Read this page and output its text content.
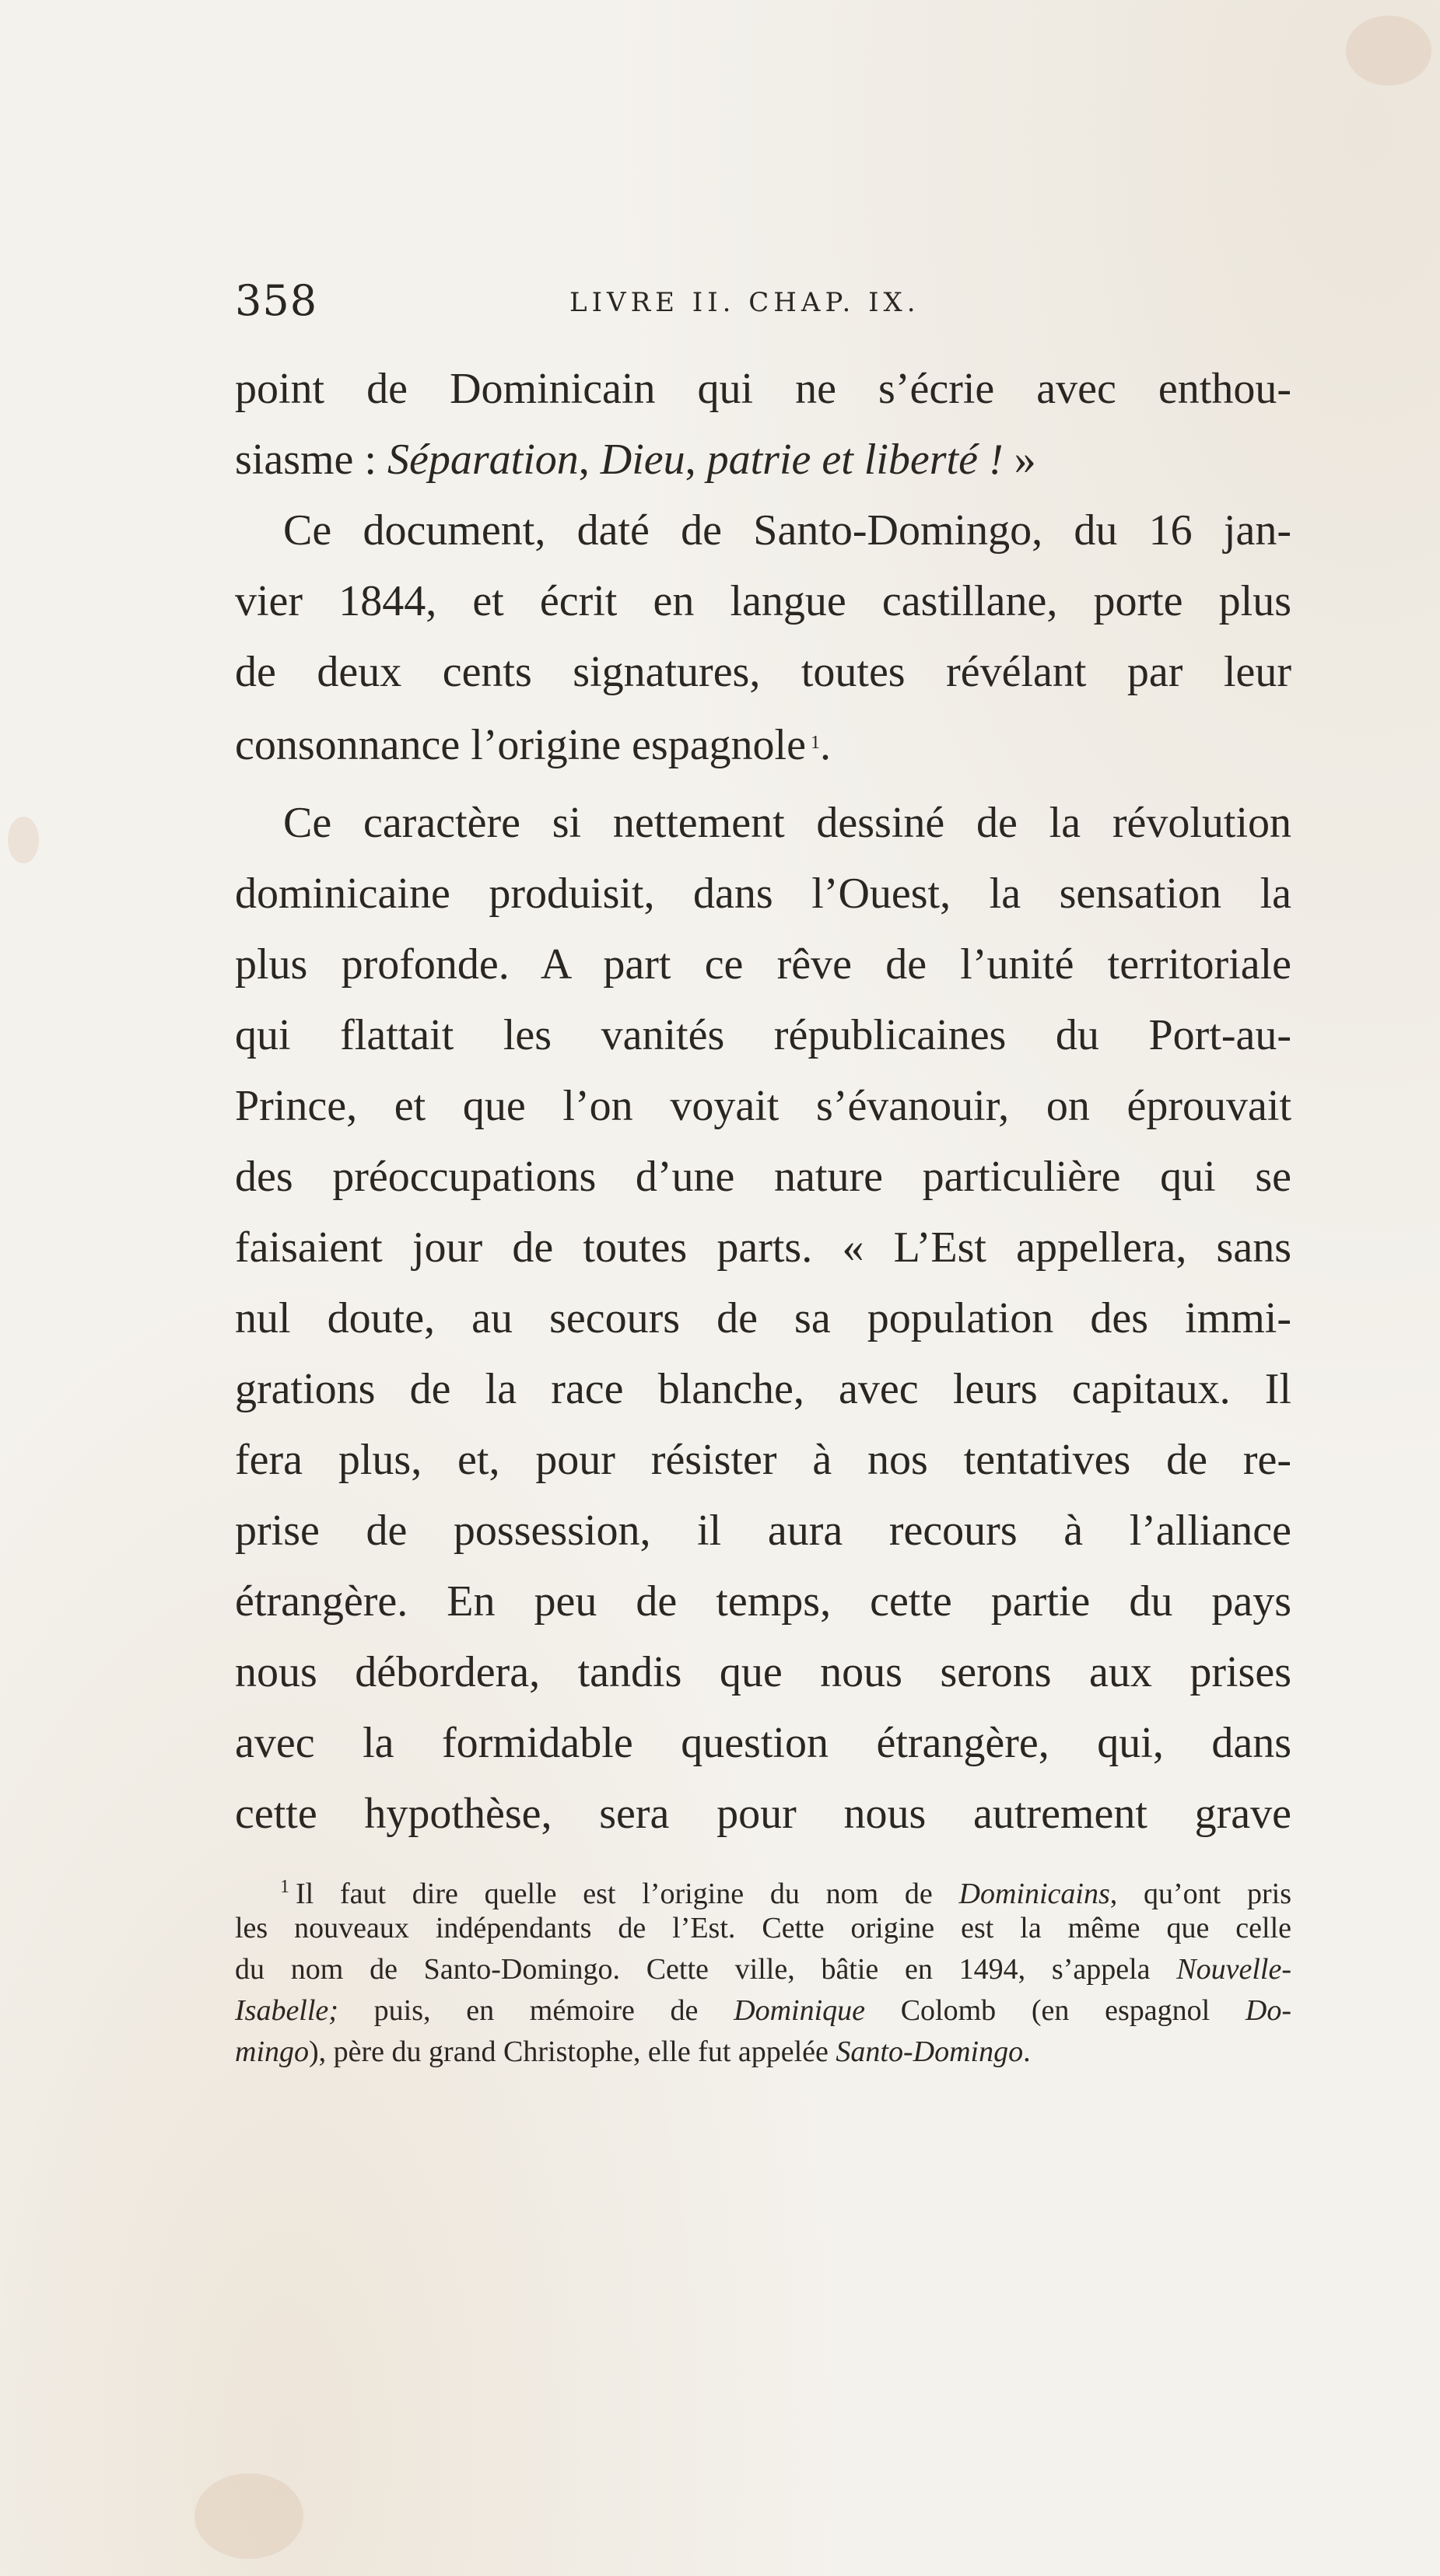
358	LIVRE II. CHAP. IX.
point de Dominicain qui ne s’écrie avec enthou-
siasme : Séparation, Dieu, patrie et liberté ! »
Ce document, daté de Santo-Domingo, du 16 jan-
vier 1844, et écrit en langue castillane, porte plus
de deux cents signatures, toutes révélant par leur
consonnance l’origine espagnole $^1$.
Ce caractère si nettement dessiné de la révolution
dominicaine produisit, dans l’Ouest, la sensation la
plus profonde. A part ce rêve de l’unité territoriale
qui flattait les vanités républicaines du Port-au-
Prince, et que l’on voyait s’évanouir, on éprouvait
des préoccupations d’une nature particulière qui se
faisaient jour de toutes parts. « L’Est appellera, sans
nul doute, au secours de sa population des immi-
grations de la race blanche, avec leurs capitaux. Il
fera plus, et, pour résister à nos tentatives de re-
prise de possession, il aura recours à l’alliance
étrangère. En peu de temps, cette partie du pays
nous débordera, tandis que nous serons aux prises
avec la formidable question étrangère, qui, dans
cette hypothèse, sera pour nous autrement grave
$^1$ Il faut dire quelle est l’origine du nom de Dominicains, qu’ont pris
les nouveaux indépendants de l’Est. Cette origine est la même que celle
du nom de Santo-Domingo. Cette ville, bâtie en 1494, s’appela Nouvelle-
Isabelle; puis, en mémoire de Dominique Colomb (en espagnol Do-
mingo), père du grand Christophe, elle fut appelée Santo-Domingo.
